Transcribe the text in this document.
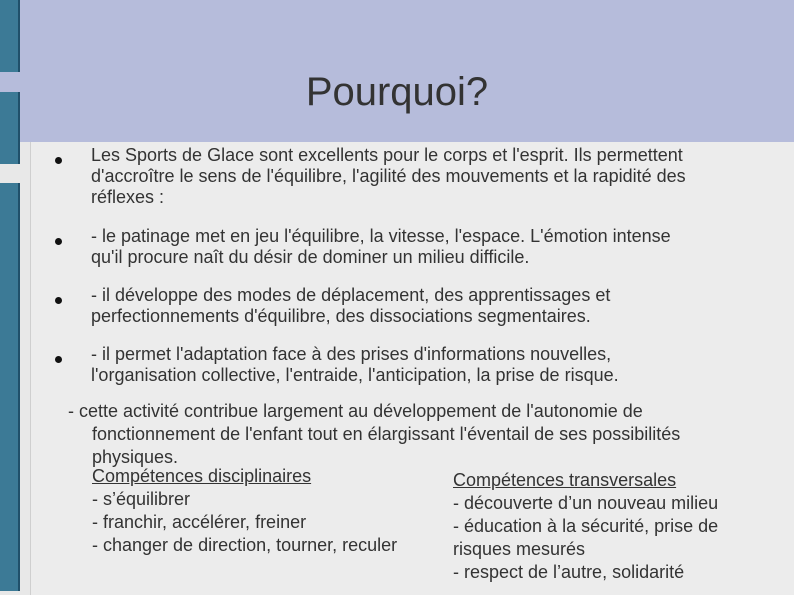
Pourquoi?
Les Sports de Glace sont excellents pour le corps et l'esprit. Ils permettent
d'accroître le sens de l'équilibre, l'agilité des mouvements et la rapidité des
réflexes :
- le patinage met en jeu l'équilibre, la vitesse, l'espace. L'émotion intense
qu'il procure naît du désir de dominer un milieu difficile.
- il développe des modes de déplacement, des apprentissages et
perfectionnements d'équilibre, des dissociations segmentaires.
- il permet l'adaptation face à des prises d'informations nouvelles,
l'organisation collective, l'entraide, l'anticipation, la prise de risque.
- cette activité contribue largement au développement de l'autonomie de
fonctionnement de l'enfant tout en élargissant l'éventail de ses possibilités
physiques.
Compétences disciplinaires
- s’équilibrer
- franchir, accélérer, freiner
- changer de direction, tourner, reculer
Compétences transversales
- découverte d’un nouveau milieu
- éducation à la sécurité, prise de
risques mesurés
- respect de l’autre, solidarité
